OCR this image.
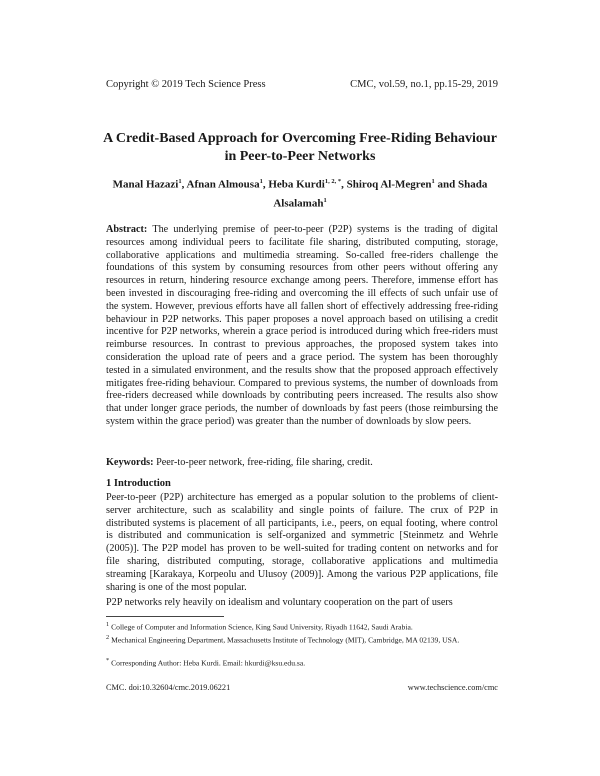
Copyright © 2019 Tech Science Press	CMC, vol.59, no.1, pp.15-29, 2019
A Credit-Based Approach for Overcoming Free-Riding Behaviour
in Peer-to-Peer Networks
Manal Hazazi$^1$, Afnan Almousa$^1$, Heba Kurdi$^{1, 2, *}$, Shiroq Al-Megren$^1$ and Shada Alsalamah$^1$
Abstract: The underlying premise of peer-to-peer (P2P) systems is the trading of digital resources among individual peers to facilitate file sharing, distributed computing, storage, collaborative applications and multimedia streaming. So-called free-riders challenge the foundations of this system by consuming resources from other peers without offering any resources in return, hindering resource exchange among peers. Therefore, immense effort has been invested in discouraging free-riding and overcoming the ill effects of such unfair use of the system. However, previous efforts have all fallen short of effectively addressing free-riding behaviour in P2P networks. This paper proposes a novel approach based on utilising a credit incentive for P2P networks, wherein a grace period is introduced during which free-riders must reimburse resources. In contrast to previous approaches, the proposed system takes into consideration the upload rate of peers and a grace period. The system has been thoroughly tested in a simulated environment, and the results show that the proposed approach effectively mitigates free-riding behaviour. Compared to previous systems, the number of downloads from free-riders decreased while downloads by contributing peers increased. The results also show that under longer grace periods, the number of downloads by fast peers (those reimbursing the system within the grace period) was greater than the number of downloads by slow peers.
Keywords: Peer-to-peer network, free-riding, file sharing, credit.
1 Introduction
Peer-to-peer (P2P) architecture has emerged as a popular solution to the problems of client-server architecture, such as scalability and single points of failure. The crux of P2P in distributed systems is placement of all participants, i.e., peers, on equal footing, where control is distributed and communication is self-organized and symmetric [Steinmetz and Wehrle (2005)]. The P2P model has proven to be well-suited for trading content on networks and for file sharing, distributed computing, storage, collaborative applications and multimedia streaming [Karakaya, Korpeolu and Ulusoy (2009)]. Among the various P2P applications, file sharing is one of the most popular.
P2P networks rely heavily on idealism and voluntary cooperation on the part of users
$^1$ College of Computer and Information Science, King Saud University, Riyadh 11642, Saudi Arabia.
$^2$ Mechanical Engineering Department, Massachusetts Institute of Technology (MIT), Cambridge, MA 02139, USA.
* Corresponding Author: Heba Kurdi. Email: hkurdi@ksu.edu.sa.
CMC. doi:10.32604/cmc.2019.06221	www.techscience.com/cmc
